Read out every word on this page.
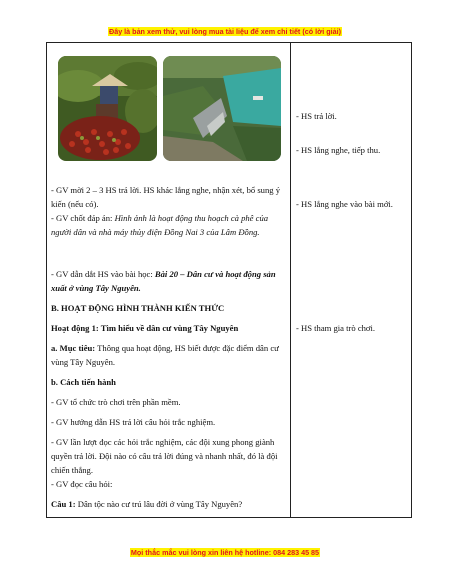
Đây là bản xem thử, vui lòng mua tài liệu để xem chi tiết (có lời giải)

- GV mời 2 – 3 HS trả lời. HS khác lắng nghe, nhận xét, bổ sung ý kiến (nếu có).

- GV chốt đáp án: Hình ảnh là hoạt động thu hoạch cà phê của người dân và nhà máy thủy điện Đồng Nai 3 của Lâm Đồng.

- GV dẫn dắt HS vào bài học: Bài 20 – Dân cư và hoạt động sản xuất ở vùng Tây Nguyên.

B. HOẠT ĐỘNG HÌNH THÀNH KIẾN THỨC

Hoạt động 1: Tìm hiểu về dân cư vùng Tây Nguyên

a. Mục tiêu: Thông qua hoạt động, HS biết được đặc điểm dân cư vùng Tây Nguyên.

b. Cách tiến hành

- GV tổ chức trò chơi trên phần mềm.

- GV hướng dẫn HS trả lời câu hỏi trắc nghiệm.

- GV lần lượt đọc các hỏi trắc nghiệm, các đội xung phong giành quyền trả lời. Đội nào có câu trả lời đúng và nhanh nhất, đó là đội chiến thắng.

- GV đọc câu hỏi:

Câu 1: Dân tộc nào cư trú lâu đời ở vùng Tây Nguyên?

- HS trả lời.

- HS lắng nghe, tiếp thu.

- HS lắng nghe vào bài mới.

- HS tham gia trò chơi.

Mọi thắc mắc vui lòng xin liên hệ hotline: 084 283 45 85
